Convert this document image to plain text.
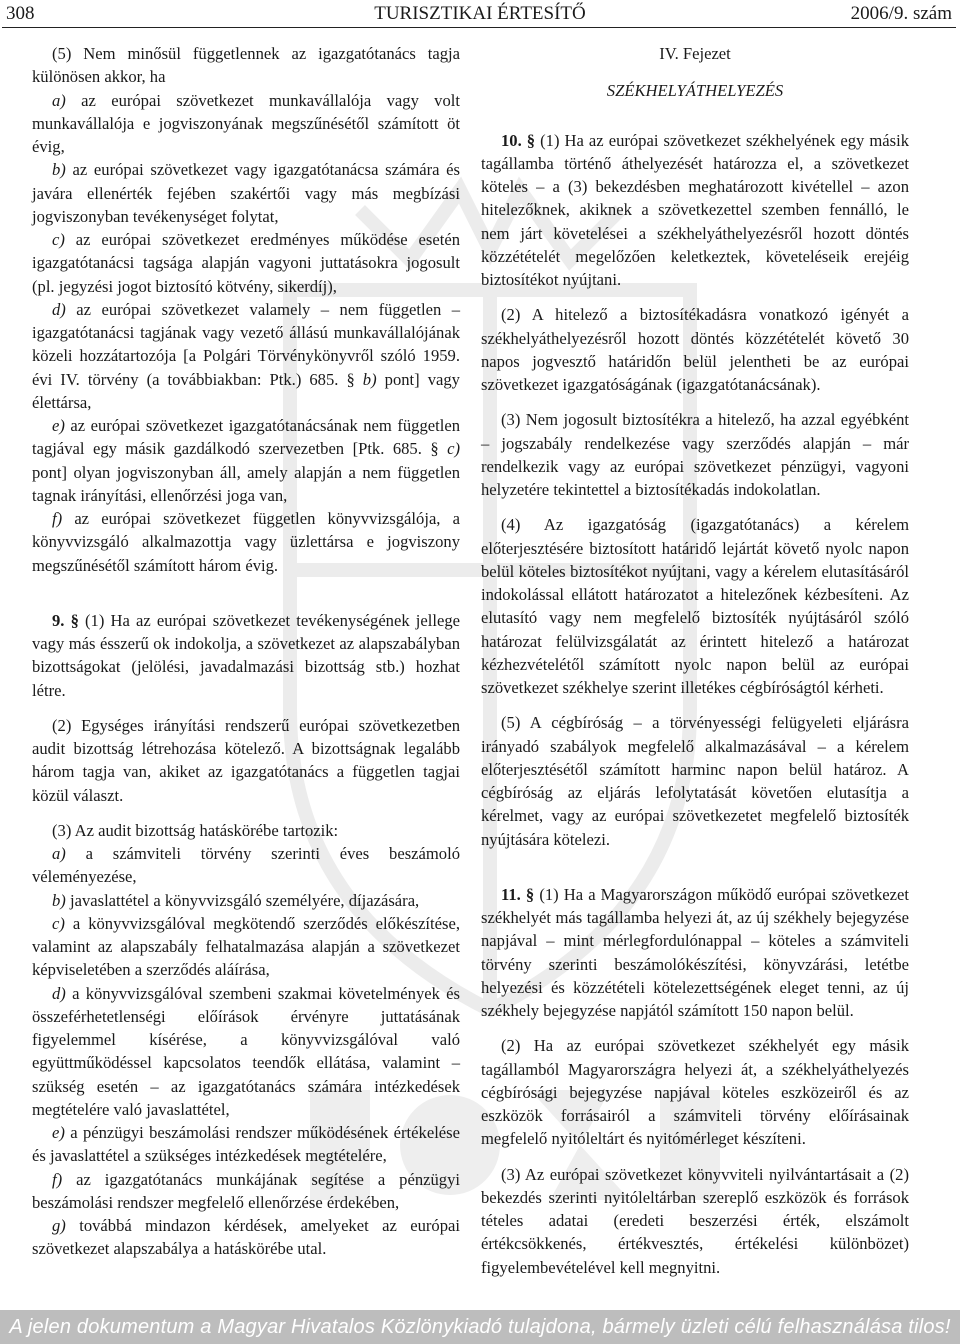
308	TURISZTIKAI ÉRTESÍTŐ	2006/9. szám

(5) Nem minősül függetlennek az igazgatótanács tagja különösen akkor, ha

a) az európai szövetkezet munkavállalója vagy volt munkavállalója e jogviszonyának megszűnésétől számított öt évig,

b) az európai szövetkezet vagy igazgatótanácsa számára és javára ellenérték fejében szakértői vagy más megbízási jogviszonyban tevékenységet folytat,

c) az európai szövetkezet eredményes működése esetén igazgatótanácsi tagsága alapján vagyoni juttatásokra jogosult (pl. jegyzési jogot biztosító kötvény, sikerdíj),

d) az európai szövetkezet valamely – nem független – igazgatótanácsi tagjának vagy vezető állású munkavállalójának közeli hozzátartozója [a Polgári Törvénykönyvről szóló 1959. évi IV. törvény (a továbbiakban: Ptk.) 685. § b) pont] vagy élettársa,

e) az európai szövetkezet igazgatótanácsának nem független tagjával egy másik gazdálkodó szervezetben [Ptk. 685. § c) pont] olyan jogviszonyban áll, amely alapján a nem független tagnak irányítási, ellenőrzési joga van,

f) az európai szövetkezet független könyvvizsgálója, a könyvvizsgáló alkalmazottja vagy üzlettársa e jogviszony megszűnésétől számított három évig.

9. § (1) Ha az európai szövetkezet tevékenységének jellege vagy más ésszerű ok indokolja, a szövetkezet az alapszabályban bizottságokat (jelölési, javadalmazási bizottság stb.) hozhat létre.

(2) Egységes irányítási rendszerű európai szövetkezetben audit bizottság létrehozása kötelező. A bizottságnak legalább három tagja van, akiket az igazgatótanács a független tagjai közül választ.

(3) Az audit bizottság hatáskörébe tartozik:

a) a számviteli törvény szerinti éves beszámoló véleményezése,

b) javaslattétel a könyvvizsgáló személyére, díjazására,

c) a könyvvizsgálóval megkötendő szerződés előkészítése, valamint az alapszabály felhatalmazása alapján a szövetkezet képviseletében a szerződés aláírása,

d) a könyvvizsgálóval szembeni szakmai követelmények és összeférhetetlenségi előírások érvényre juttatásának figyelemmel kísérése, a könyvvizsgálóval való együttműködéssel kapcsolatos teendők ellátása, valamint – szükség esetén – az igazgatótanács számára intézkedések megtételére való javaslattétel,

e) a pénzügyi beszámolási rendszer működésének értékelése és javaslattétel a szükséges intézkedések megtételére,

f) az igazgatótanács munkájának segítése a pénzügyi beszámolási rendszer megfelelő ellenőrzése érdekében,

g) továbbá mindazon kérdések, amelyeket az európai szövetkezet alapszabálya a hatáskörébe utal.

IV. Fejezet

SZÉKHELYÁTHELYEZÉS

10. § (1) Ha az európai szövetkezet székhelyének egy másik tagállamba történő áthelyezését határozza el, a szövetkezet köteles – a (3) bekezdésben meghatározott kivétellel – azon hitelezőknek, akiknek a szövetkezettel szemben fennálló, le nem járt követelései a székhelyáthelyezésről hozott döntés közzétételét megelőzően keletkeztek, követeléseik erejéig biztosítékot nyújtani.

(2) A hitelező a biztosítékadásra vonatkozó igényét a székhelyáthelyezésről hozott döntés közzétételét követő 30 napos jogvesztő határidőn belül jelentheti be az európai szövetkezet igazgatóságának (igazgatótanácsának).

(3) Nem jogosult biztosítékra a hitelező, ha azzal egyébként – jogszabály rendelkezése vagy szerződés alapján – már rendelkezik vagy az európai szövetkezet pénzügyi, vagyoni helyzetére tekintettel a biztosítékadás indokolatlan.

(4) Az igazgatóság (igazgatótanács) a kérelem előterjesztésére biztosított határidő lejártát követő nyolc napon belül köteles biztosítékot nyújtani, vagy a kérelem elutasításáról indokolással ellátott határozatot a hitelezőnek kézbesíteni. Az elutasító vagy nem megfelelő biztosíték nyújtásáról szóló határozat felülvizsgálatát az érintett hitelező a határozat kézhezvételétől számított nyolc napon belül az európai szövetkezet székhelye szerint illetékes cégbíróságtól kérheti.

(5) A cégbíróság – a törvényességi felügyeleti eljárásra irányadó szabályok megfelelő alkalmazásával – a kérelem előterjesztésétől számított harminc napon belül határoz. A cégbíróság az eljárás lefolytatását követően elutasítja a kérelmet, vagy az európai szövetkezetet megfelelő biztosíték nyújtására kötelezi.

11. § (1) Ha a Magyarországon működő európai szövetkezet székhelyét más tagállamba helyezi át, az új székhely bejegyzése napjával – mint mérlegfordulónappal – köteles a számviteli törvény szerinti beszámolókészítési, könyvzárási, letétbe helyezési és közzétételi kötelezettségének eleget tenni, az új székhely bejegyzése napjától számított 150 napon belül.

(2) Ha az európai szövetkezet székhelyét egy másik tagállamból Magyarországra helyezi át, a székhelyáthelyezés cégbírósági bejegyzése napjával köteles eszközeiről és az eszközök forrásairól a számviteli törvény előírásainak megfelelő nyitóleltárt és nyitómérleget készíteni.

(3) Az európai szövetkezet könyvviteli nyilvántartásait a (2) bekezdés szerinti nyitóleltárban szereplő eszközök és források tételes adatai (eredeti beszerzési érték, elszámolt értékcsökkenés, értékvesztés, értékelési különbözet) figyelembevételével kell megnyitni.

A jelen dokumentum a Magyar Hivatalos Közlönykiadó tulajdona, bármely üzleti célú felhasználása tilos!
